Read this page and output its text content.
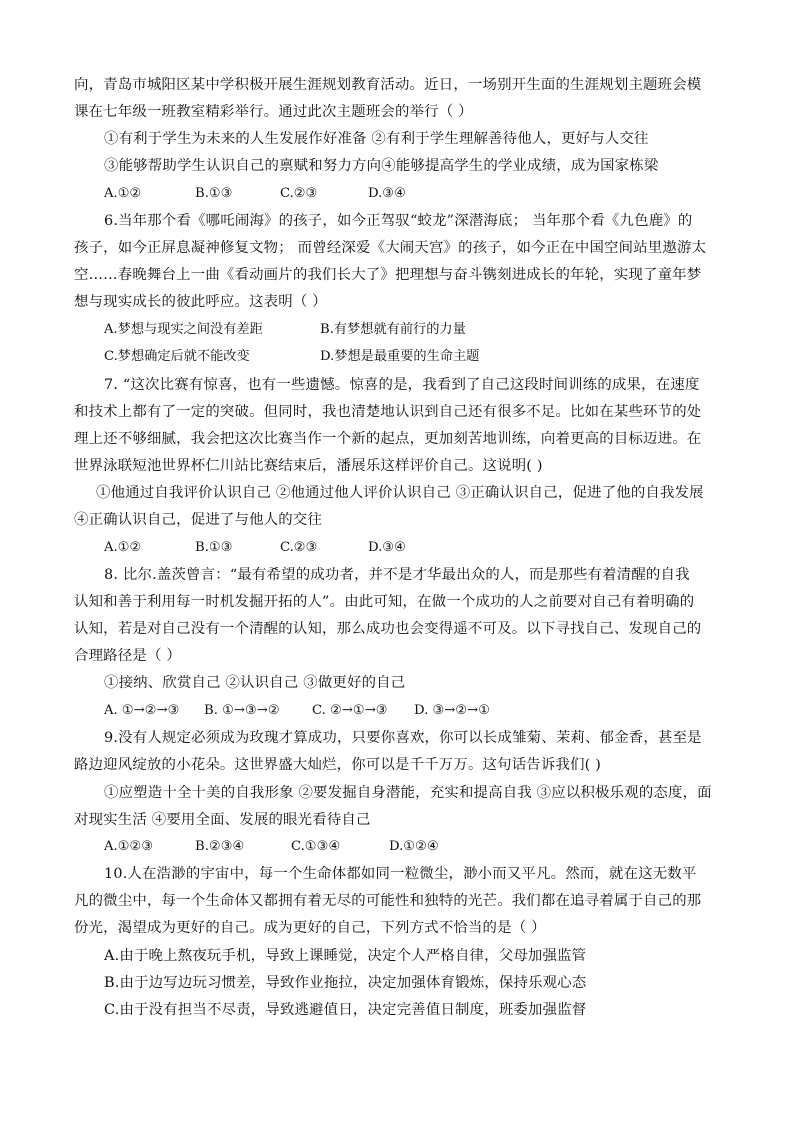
向，青岛市城阳区某中学积极开展生涯规划教育活动。近日，一场别开生面的生涯规划主题班会模
课在七年级一班教室精彩举行。通过此次主题班会的举行（ ）
①有利于学生为未来的人生发展作好准备 ②有利于学生理解善待他人，更好与人交往
③能够帮助学生认识自己的禀赋和努力方向④能够提高学生的学业成绩，成为国家栋梁
A.①②	B.①③	C.②③	D.③④
6.当年那个看《哪吒闹海》的孩子，如今正驾驭“蛟龙”深潜海底； 当年那个看《九色鹿》的
孩子，如今正屏息凝神修复文物； 而曾经深爱《大闹天宫》的孩子，如今正在中国空间站里遨游太
空……春晚舞台上一曲《看动画片的我们长大了》把理想与奋斗镌刻进成长的年轮，实现了童年梦
想与现实成长的彼此呼应。这表明（ ）
A.梦想与现实之间没有差距	B.有梦想就有前行的力量
C.梦想确定后就不能改变	D.梦想是最重要的生命主题
7. “这次比赛有惊喜，也有一些遗憾。惊喜的是，我看到了自己这段时间训练的成果，在速度
和技术上都有了一定的突破。但同时，我也清楚地认识到自己还有很多不足。比如在某些环节的处
理上还不够细腻，我会把这次比赛当作一个新的起点，更加刻苦地训练，向着更高的目标迈进。在
世界泳联短池世界杯仁川站比赛结束后，潘展乐这样评价自己。这说明( )
①他通过自我评价认识自己 ②他通过他人评价认识自己 ③正确认识自己，促进了他的自我发展
④正确认识自己，促进了与他人的交往
A.①②	B.①③	C.②③	D.③④
8. 比尔.盖茨曾言：“最有希望的成功者，并不是才华最出众的人，而是那些有着清醒的自我
认知和善于利用每一时机发掘开拓的人”。由此可知，在做一个成功的人之前要对自己有着明确的
认知，若是对自己没有一个清醒的认知，那么成功也会变得遥不可及。以下寻找自己、发现自己的
合理路径是（ ）
①接纳、欣赏自己 ②认识自己 ③做更好的自己
A. ①→②→③ B. ①→③→② C. ②→①→③ D. ③→②→①
9.没有人规定必须成为玫瑰才算成功，只要你喜欢，你可以长成雏菊、茉莉、郁金香，甚至是
路边迎风绽放的小花朵。这世界盛大灿烂，你可以是千千万万。这句话告诉我们( )
①应塑造十全十美的自我形象 ②要发掘自身潜能，充实和提高自我 ③应以积极乐观的态度，面
对现实生活 ④要用全面、发展的眼光看待自己
A.①②③	B.②③④	C.①③④	D.①②④
10.人在浩渺的宇宙中，每一个生命体都如同一粒微尘，渺小而又平凡。然而，就在这无数平
凡的微尘中，每一个生命体又都拥有着无尽的可能性和独特的光芒。我们都在追寻着属于自己的那
份光，渴望成为更好的自己。成为更好的自己，下列方式不恰当的是（ ）
A.由于晚上熬夜玩手机，导致上课睡觉，决定个人严格自律，父母加强监管
B.由于边写边玩习惯差，导致作业拖拉，决定加强体育锻炼，保持乐观心态
C.由于没有担当不尽责，导致逃避值日，决定完善值日制度，班委加强监督
